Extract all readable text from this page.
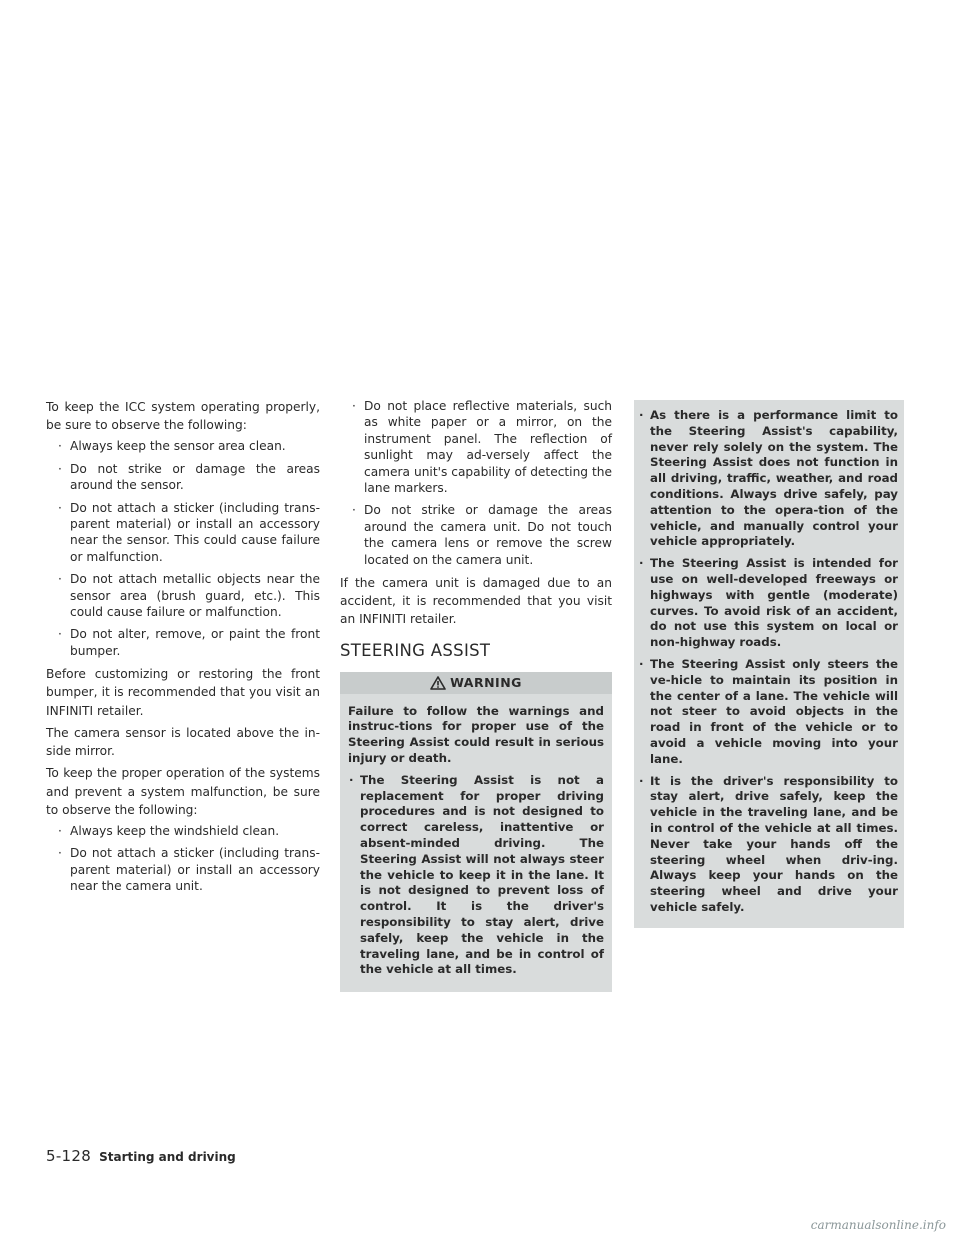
To keep the ICC system operating properly, be sure to observe the following:

· Always keep the sensor area clean.
· Do not strike or damage the areas around the sensor.
· Do not attach a sticker (including trans-parent material) or install an accessory near the sensor. This could cause failure or malfunction.
· Do not attach metallic objects near the sensor area (brush guard, etc.). This could cause failure or malfunction.
· Do not alter, remove, or paint the front bumper.

Before customizing or restoring the front bumper, it is recommended that you visit an INFINITI retailer.

The camera sensor is located above the in-side mirror.

To keep the proper operation of the systems and prevent a system malfunction, be sure to observe the following:

· Always keep the windshield clean.
· Do not attach a sticker (including trans-parent material) or install an accessory near the camera unit.
· Do not place reflective materials, such as white paper or a mirror, on the instrument panel. The reflection of sunlight may ad-versely affect the camera unit's capability of detecting the lane markers.
· Do not strike or damage the areas around the camera unit. Do not touch the camera lens or remove the screw located on the camera unit.

If the camera unit is damaged due to an accident, it is recommended that you visit an INFINITI retailer.

STEERING ASSIST
WARNING

Failure to follow the warnings and instruc-tions for proper use of the Steering Assist could result in serious injury or death.

· The Steering Assist is not a replacement for proper driving procedures and is not designed to correct careless, inattentive or absent-minded driving. The Steering Assist will not always steer the vehicle to keep it in the lane. It is not designed to prevent loss of control. It is the driver's responsibility to stay alert, drive safely, keep the vehicle in the traveling lane, and be in control of the vehicle at all times.
· As there is a performance limit to the Steering Assist's capability, never rely solely on the system. The Steering Assist does not function in all driving, traffic, weather, and road conditions. Always drive safely, pay attention to the opera-tion of the vehicle, and manually control your vehicle appropriately.
· The Steering Assist is intended for use on well-developed freeways or highways with gentle (moderate) curves. To avoid risk of an accident, do not use this system on local or non-highway roads.
· The Steering Assist only steers the ve-hicle to maintain its position in the center of a lane. The vehicle will not steer to avoid objects in the road in front of the vehicle or to avoid a vehicle moving into your lane.
· It is the driver's responsibility to stay alert, drive safely, keep the vehicle in the traveling lane, and be in control of the vehicle at all times. Never take your hands off the steering wheel when driv-ing. Always keep your hands on the steering wheel and drive your vehicle safely.
5-128 Starting and driving
carmanualsonline.info
